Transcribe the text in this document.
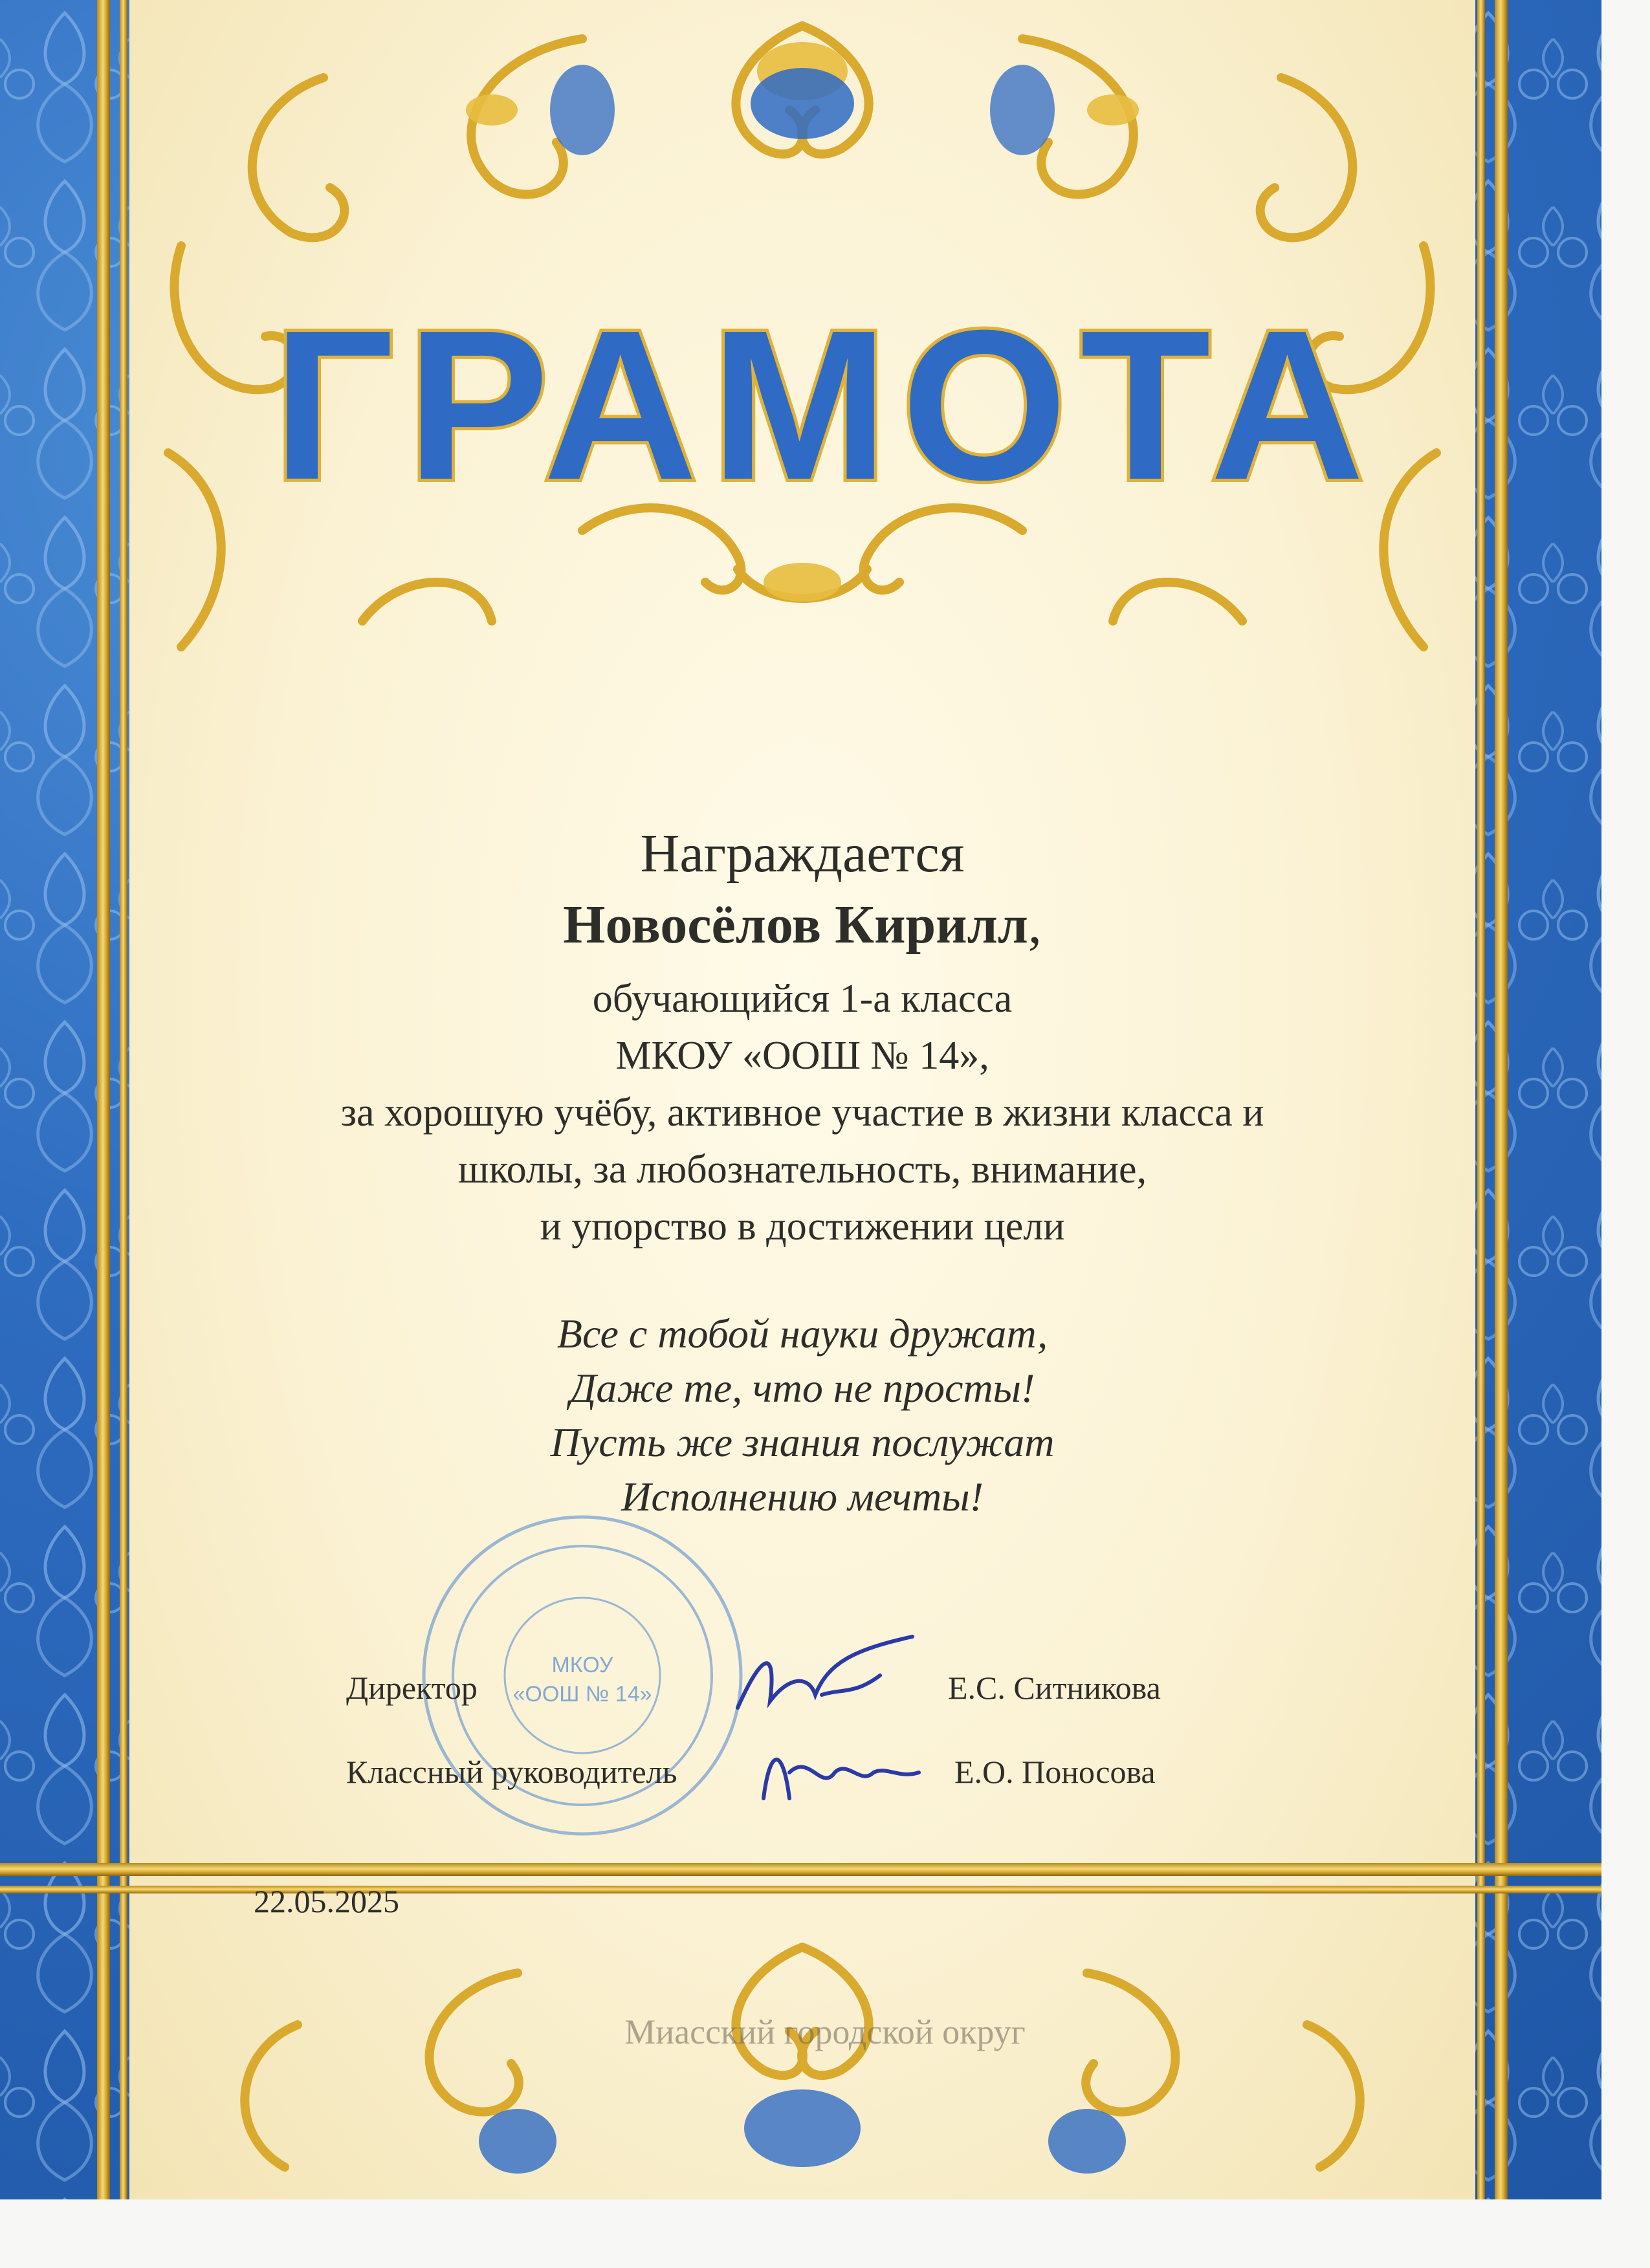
ГРАМОТА
Награждается
Новосёлов Кирилл,
обучающийся 1-а класса
МКОУ «ООШ № 14»,
за хорошую учёбу, активное участие в жизни класса и
школы, за любознательность, внимание,
и упорство в достижении цели
Все с тобой науки дружат,
Даже те, что не просты!
Пусть же знания послужат
Исполнению мечты!
МКОУ
«ООШ № 14»
Директор	Е.С. Ситникова
Классный руководитель	Е.О. Поносова
22.05.2025
Миасский городской округ
